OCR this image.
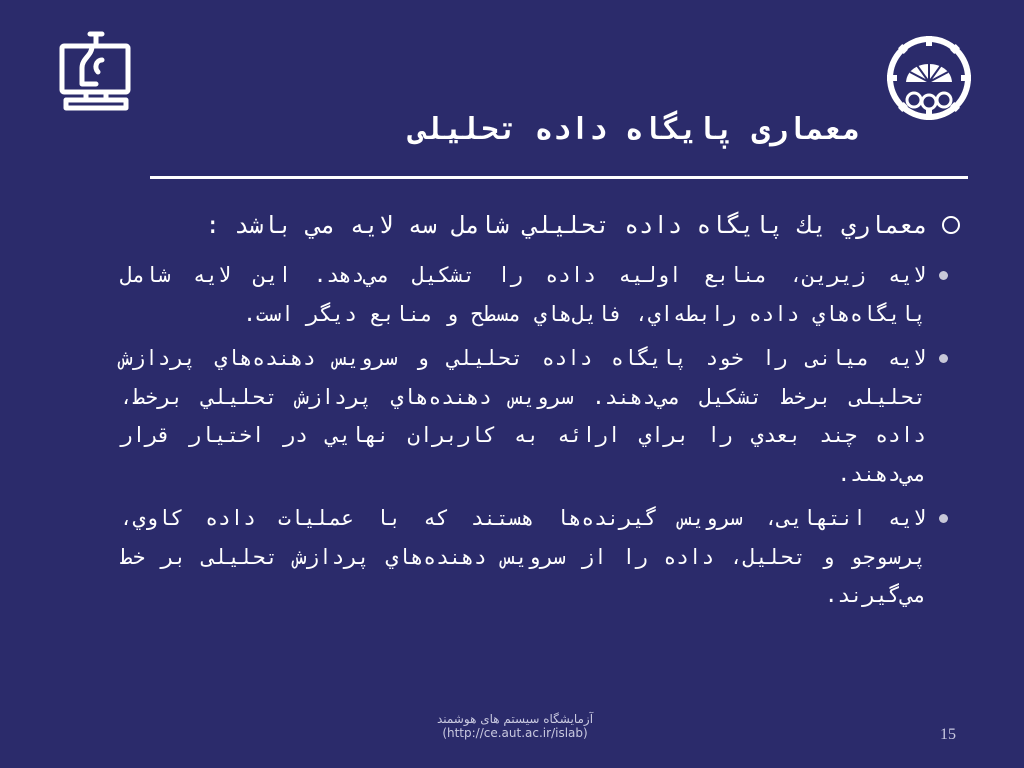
معماری پایگاه داده تحلیلی
معماري يك پايگاه داده تحليلي شامل سه لايه مي باشد :
لايه زيرين، منابع اوليه داده را تشكيل مي‌دهد. اين لايه شامل پايگاه‌هاي داده رابطه‌اي، فايل‌هاي مسطح و منابع ديگر است.
لايه میانی را خود پايگاه داده تحليلي و سرويس دهنده‌هاي پردازش تحلیلی برخط تشكيل مي‌دهند. سرويس دهنده‌هاي پردازش تحليلي برخط، داده چند بعدي را براي ارائه به كاربران نهايي در اختيار قرار مي‌دهند.
لايه انتهایی، سرويس گيرنده‌ها هستند كه با عمليات داده كاوي، پرسوجو و تحليل، داده را از سرويس دهنده‌هاي پردازش تحليلی بر خط مي‌گيرند.
آزمايشگاه سيستم های هوشمند
(http://ce.aut.ac.ir/islab)	15
